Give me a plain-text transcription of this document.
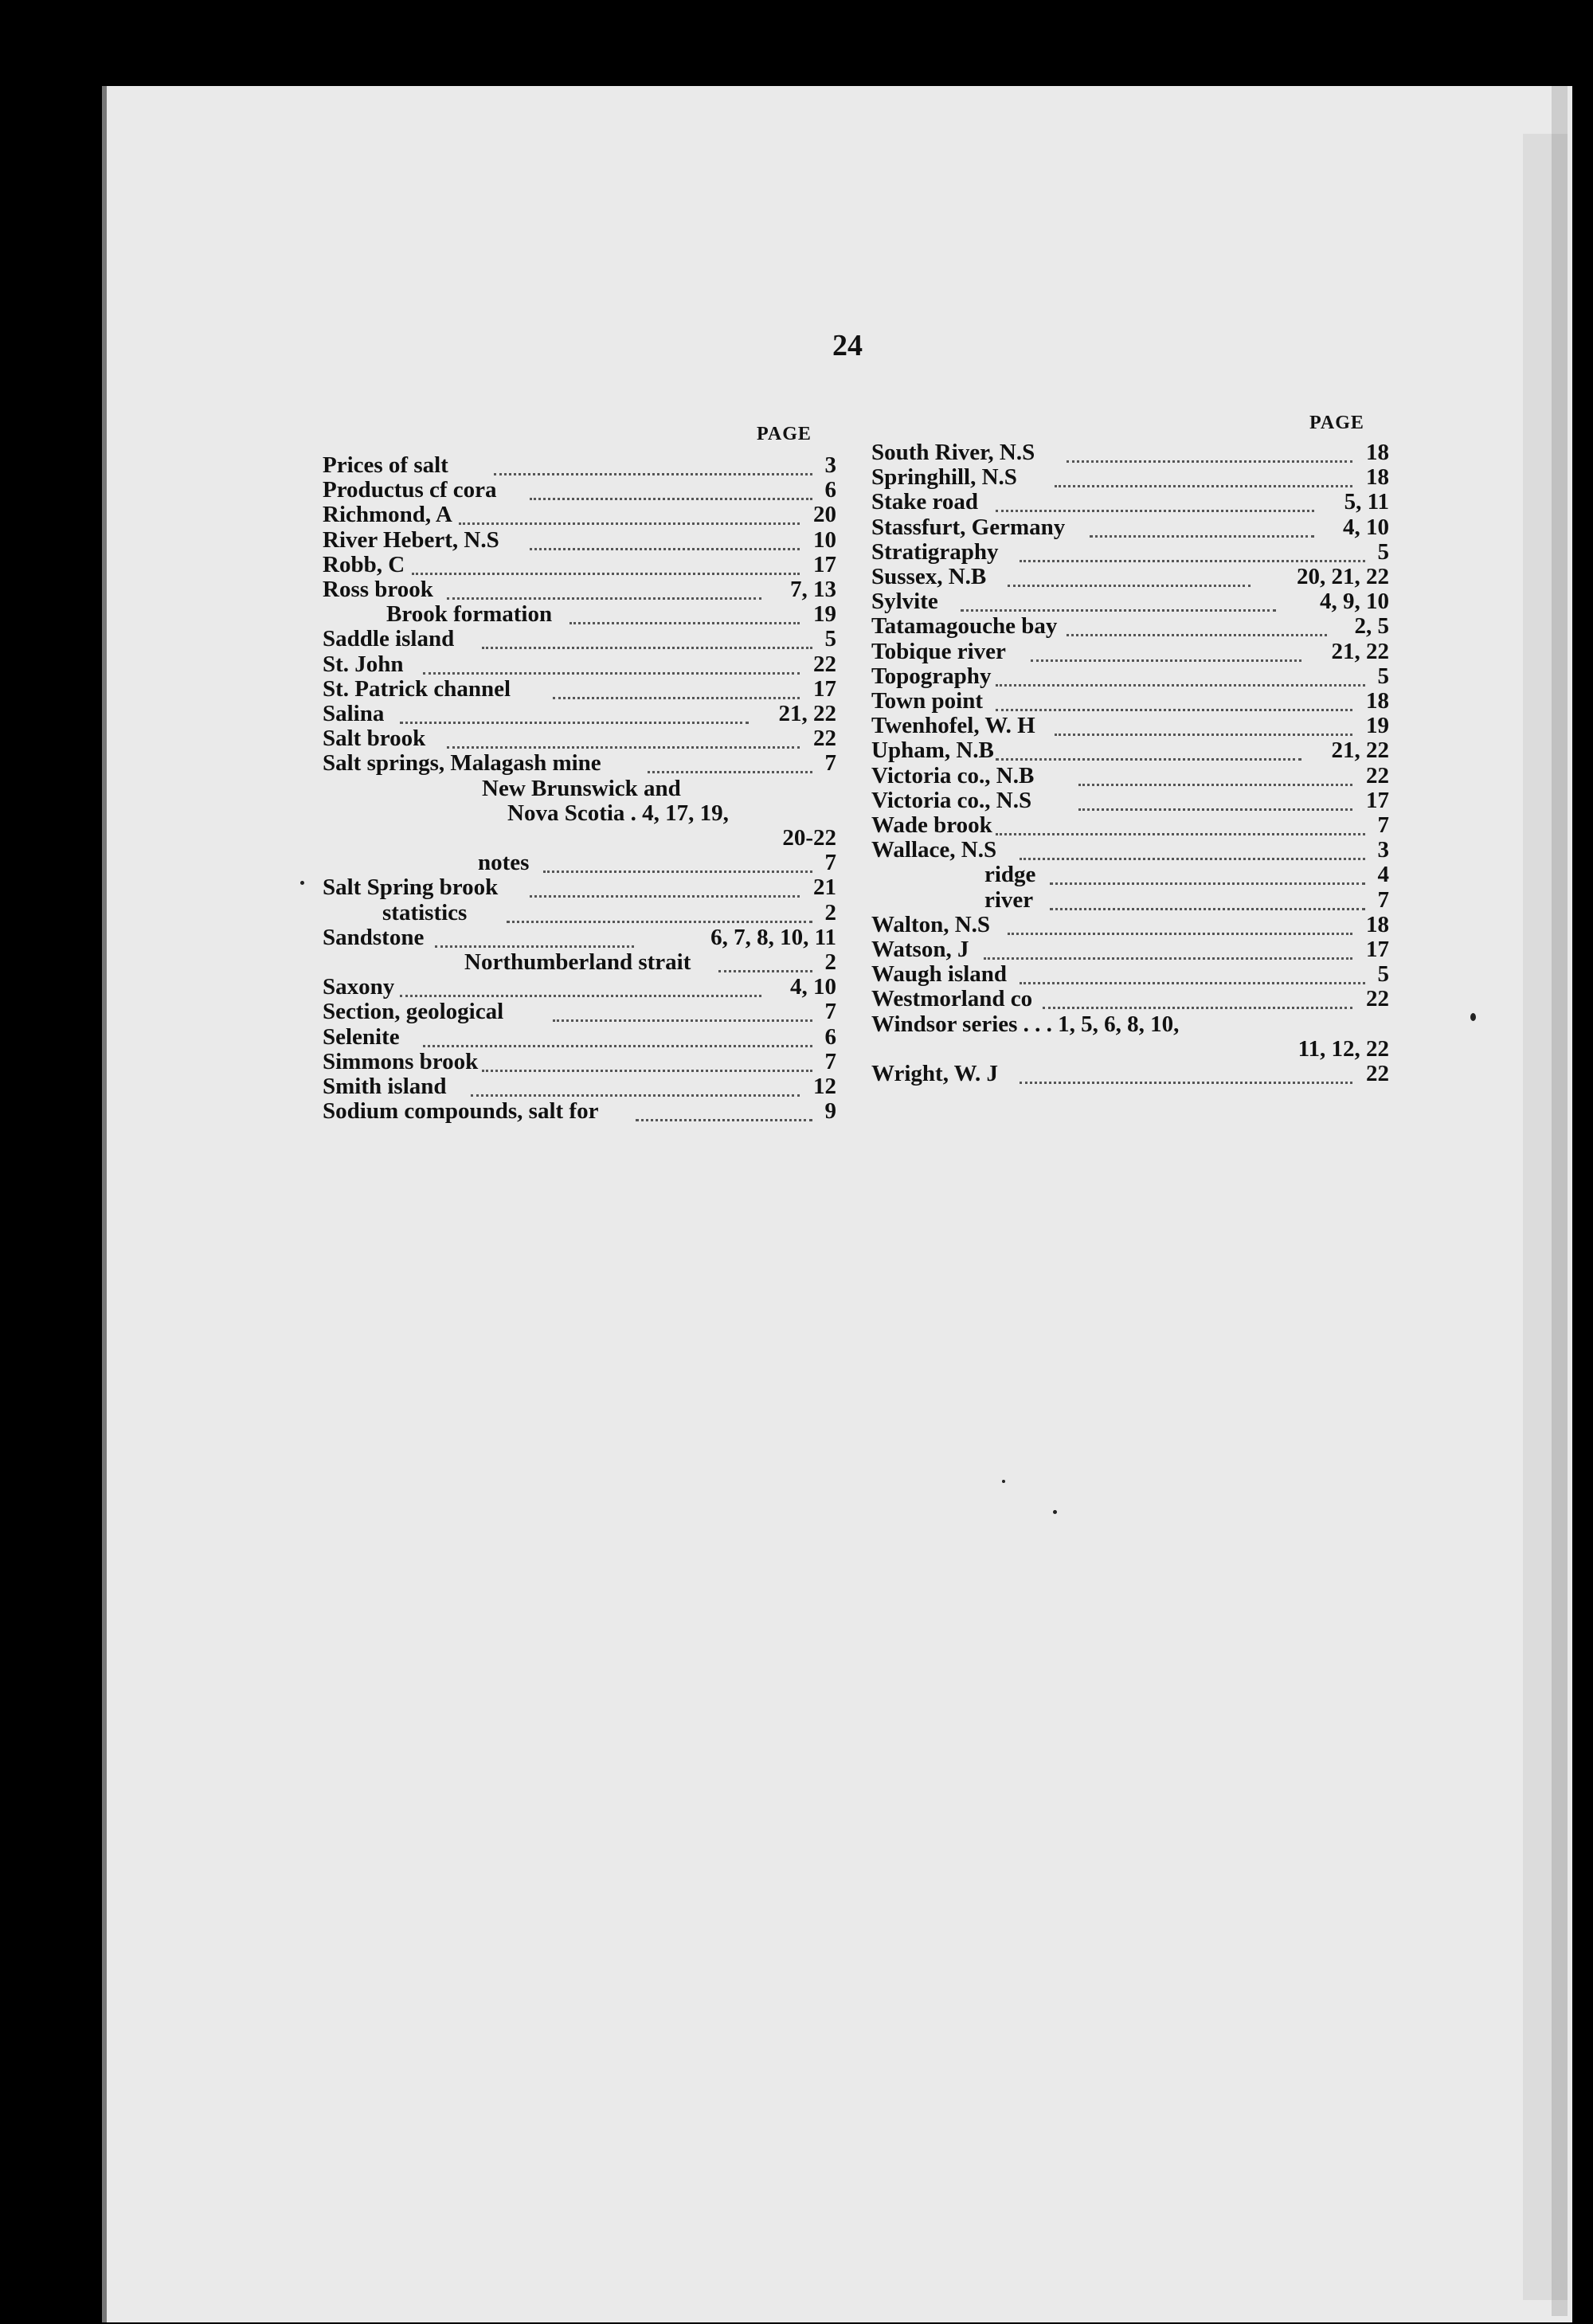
24
PAGE
PAGE
Prices of salt	3
Productus cf cora	6
Richmond, A	20
River Hebert, N.S	10
Robb, C	17
Ross brook	7, 13
Brook formation	19
Saddle island	5
St. John	22
St. Patrick channel	17
Salina	21, 22
Salt brook	22
Salt springs, Malagash mine	7
New Brunswick and
Nova Scotia . 4, 17, 19,
20-22
notes	7
Salt Spring brook	21
statistics	2
Sandstone	6, 7, 8, 10, 11
Northumberland strait	2
Saxony	4, 10
Section, geological	7
Selenite	6
Simmons brook	7
Smith island	12
Sodium compounds, salt for	9
South River, N.S	18
Springhill, N.S	18
Stake road	5, 11
Stassfurt, Germany	4, 10
Stratigraphy	5
Sussex, N.B	20, 21, 22
Sylvite	4, 9, 10
Tatamagouche bay	2, 5
Tobique river	21, 22
Topography	5
Town point	18
Twenhofel, W. H	19
Upham, N.B	21, 22
Victoria co., N.B	22
Victoria co., N.S	17
Wade brook	7
Wallace, N.S	3
ridge	4
river	7
Walton, N.S	18
Watson, J	17
Waugh island	5
Westmorland co	22
Windsor series . . . 1, 5, 6, 8, 10,
11, 12, 22
Wright, W. J	22
